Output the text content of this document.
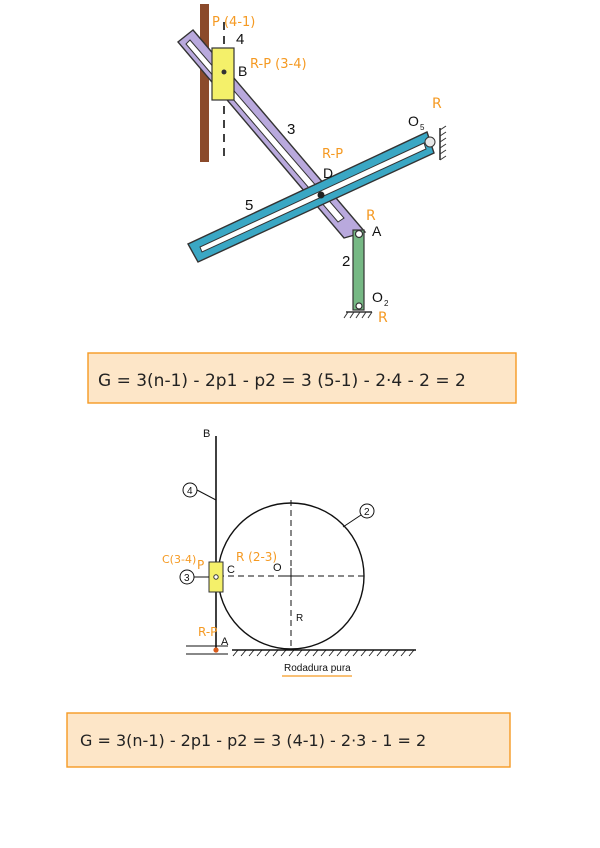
4
B
3	O 5
D
5
A
2
O 2
P (4-1)
R-P (3-4)
R
R-P
R
R
G = 3(n-1) - 2p1 - p2 = 3 (5-1) - 2·4 - 2 = 2
B
4
2
3
C	O
R
A
Rodadura pura
C(3-4) P
R (2-3)
R-P
G = 3(n-1) - 2p1 - p2 = 3 (4-1) - 2·3 - 1 = 2
